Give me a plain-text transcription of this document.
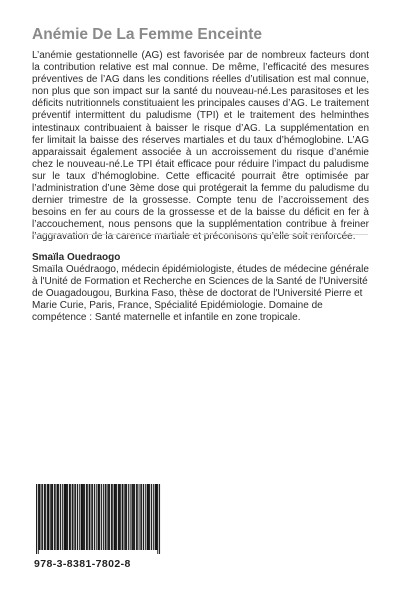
Anémie De La Femme Enceinte

L’anémie gestationnelle (AG) est favorisée par de nombreux facteurs dont la contribution relative est mal connue. De même, l’efficacité des mesures préventives de l’AG dans les conditions réelles d’utilisation est mal connue, non plus que son impact sur la santé du nouveau-né.Les parasitoses et les déficits nutritionnels constituaient les principales causes d’AG. Le traitement préventif intermittent du paludisme (TPI) et le traitement des helminthes intestinaux contribuaient à baisser le risque d’AG. La supplémentation en fer limitait la baisse des réserves martiales et du taux d’hémoglobine. L’AG apparaissait également associée à un accroissement du risque d’anémie chez le nouveau-né.Le TPI était efficace pour réduire l’impact du paludisme sur le taux d’hémoglobine. Cette efficacité pourrait être optimisée par l’administration d’une 3ème dose qui protégerait la femme du paludisme du dernier trimestre de la grossesse. Compte tenu de l’accroissement des besoins en fer au cours de la grossesse et de la baisse du déficit en fer à l’accouchement, nous pensons que la supplémentation contribue à freiner l’aggravation de la carence martiale et préconisons qu’elle soit renforcée.

Smaïla Ouedraogo

Smaïla Ouédraogo, médecin épidémiologiste, études de médecine générale à l'Unité de Formation et Recherche en Sciences de la Santé de l'Université de Ouagadougou, Burkina Faso, thèse de doctorat de l'Université Pierre et Marie Curie, Paris, France, Spécialité Epidémiologie. Domaine de compétence : Santé maternelle et infantile en zone tropicale.

978-3-8381-7802-8
